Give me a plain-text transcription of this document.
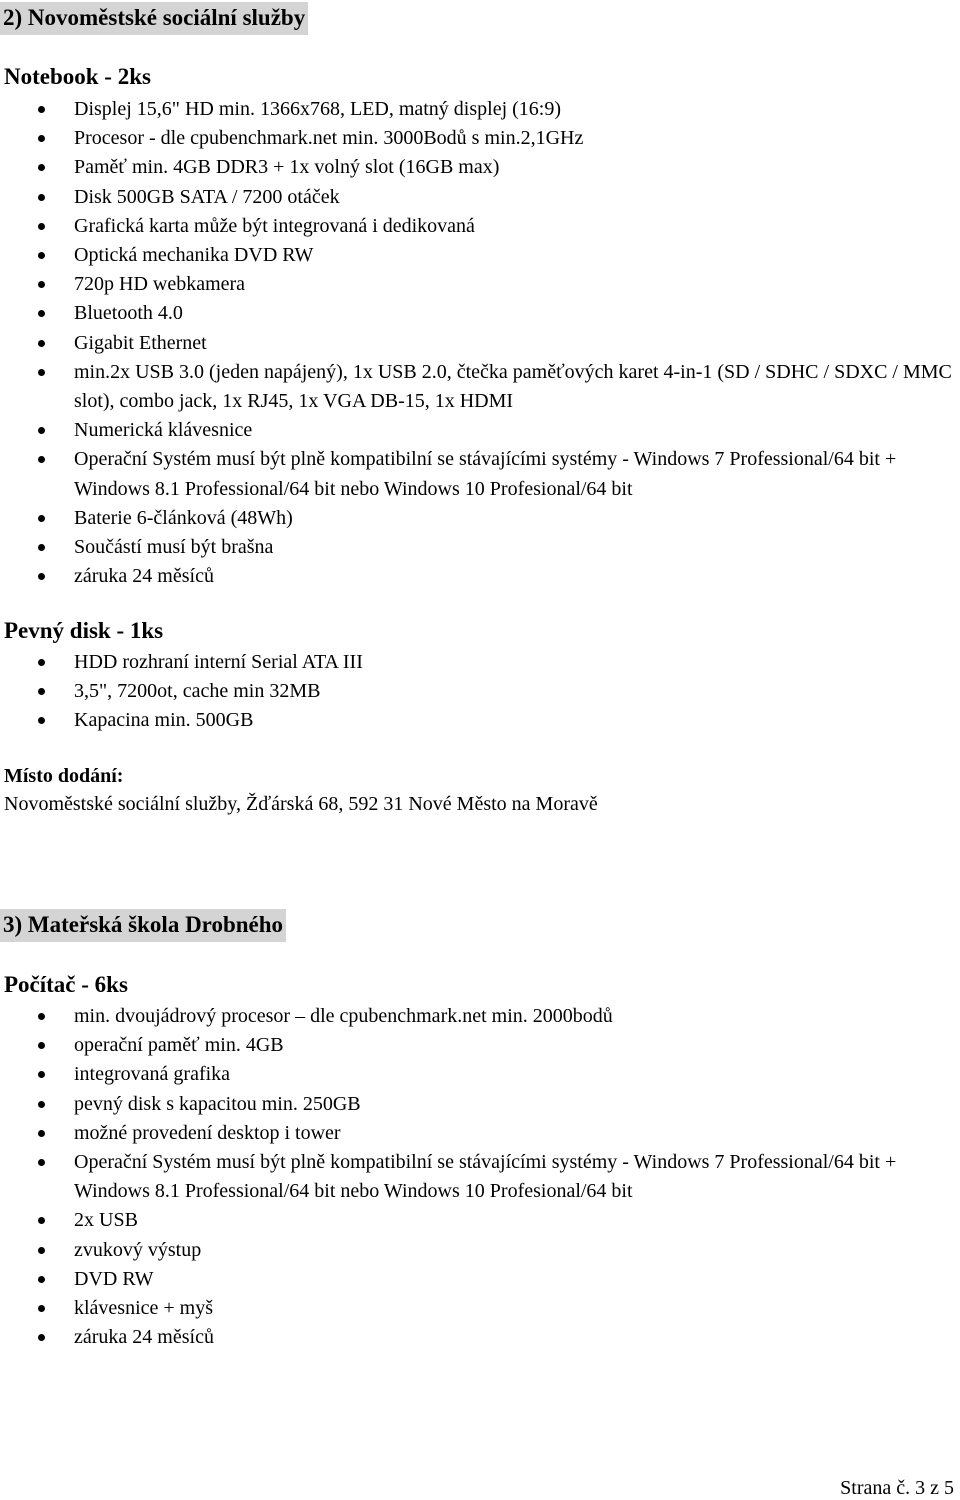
2) Novoměstské sociální služby
Notebook - 2ks
Displej 15,6" HD min. 1366x768, LED, matný displej (16:9)
Procesor - dle cpubenchmark.net min. 3000Bodů s min.2,1GHz
Paměť min. 4GB DDR3 + 1x volný slot (16GB max)
Disk 500GB SATA / 7200 otáček
Grafická karta může být integrovaná i dedikovaná
Optická mechanika DVD RW
720p HD webkamera
Bluetooth 4.0
Gigabit Ethernet
min.2x USB 3.0 (jeden napájený), 1x USB 2.0, čtečka paměťových karet 4-in-1 (SD / SDHC / SDXC / MMC slot), combo jack, 1x RJ45, 1x VGA DB-15, 1x HDMI
Numerická klávesnice
Operační Systém musí být plně kompatibilní se stávajícími systémy - Windows 7 Professional/64 bit + Windows 8.1 Professional/64 bit nebo Windows 10 Profesional/64 bit
Baterie 6-článková (48Wh)
Součástí musí být brašna
záruka 24 měsíců
Pevný disk - 1ks
HDD rozhraní interní Serial ATA III
3,5", 7200ot, cache min 32MB
Kapacina min. 500GB
Místo dodání:
Novoměstské sociální služby, Žďárská 68, 592 31 Nové Město na Moravě
3) Mateřská škola Drobného
Počítač - 6ks
min. dvoujádrový procesor – dle cpubenchmark.net min. 2000bodů
operační paměť min. 4GB
integrovaná grafika
pevný disk s kapacitou min. 250GB
možné provedení desktop i tower
Operační Systém musí být plně kompatibilní se stávajícími systémy - Windows 7 Professional/64 bit + Windows 8.1 Professional/64 bit nebo Windows 10 Profesional/64 bit
2x USB
zvukový výstup
DVD RW
klávesnice + myš
záruka 24 měsíců
Strana č. 3 z 5
